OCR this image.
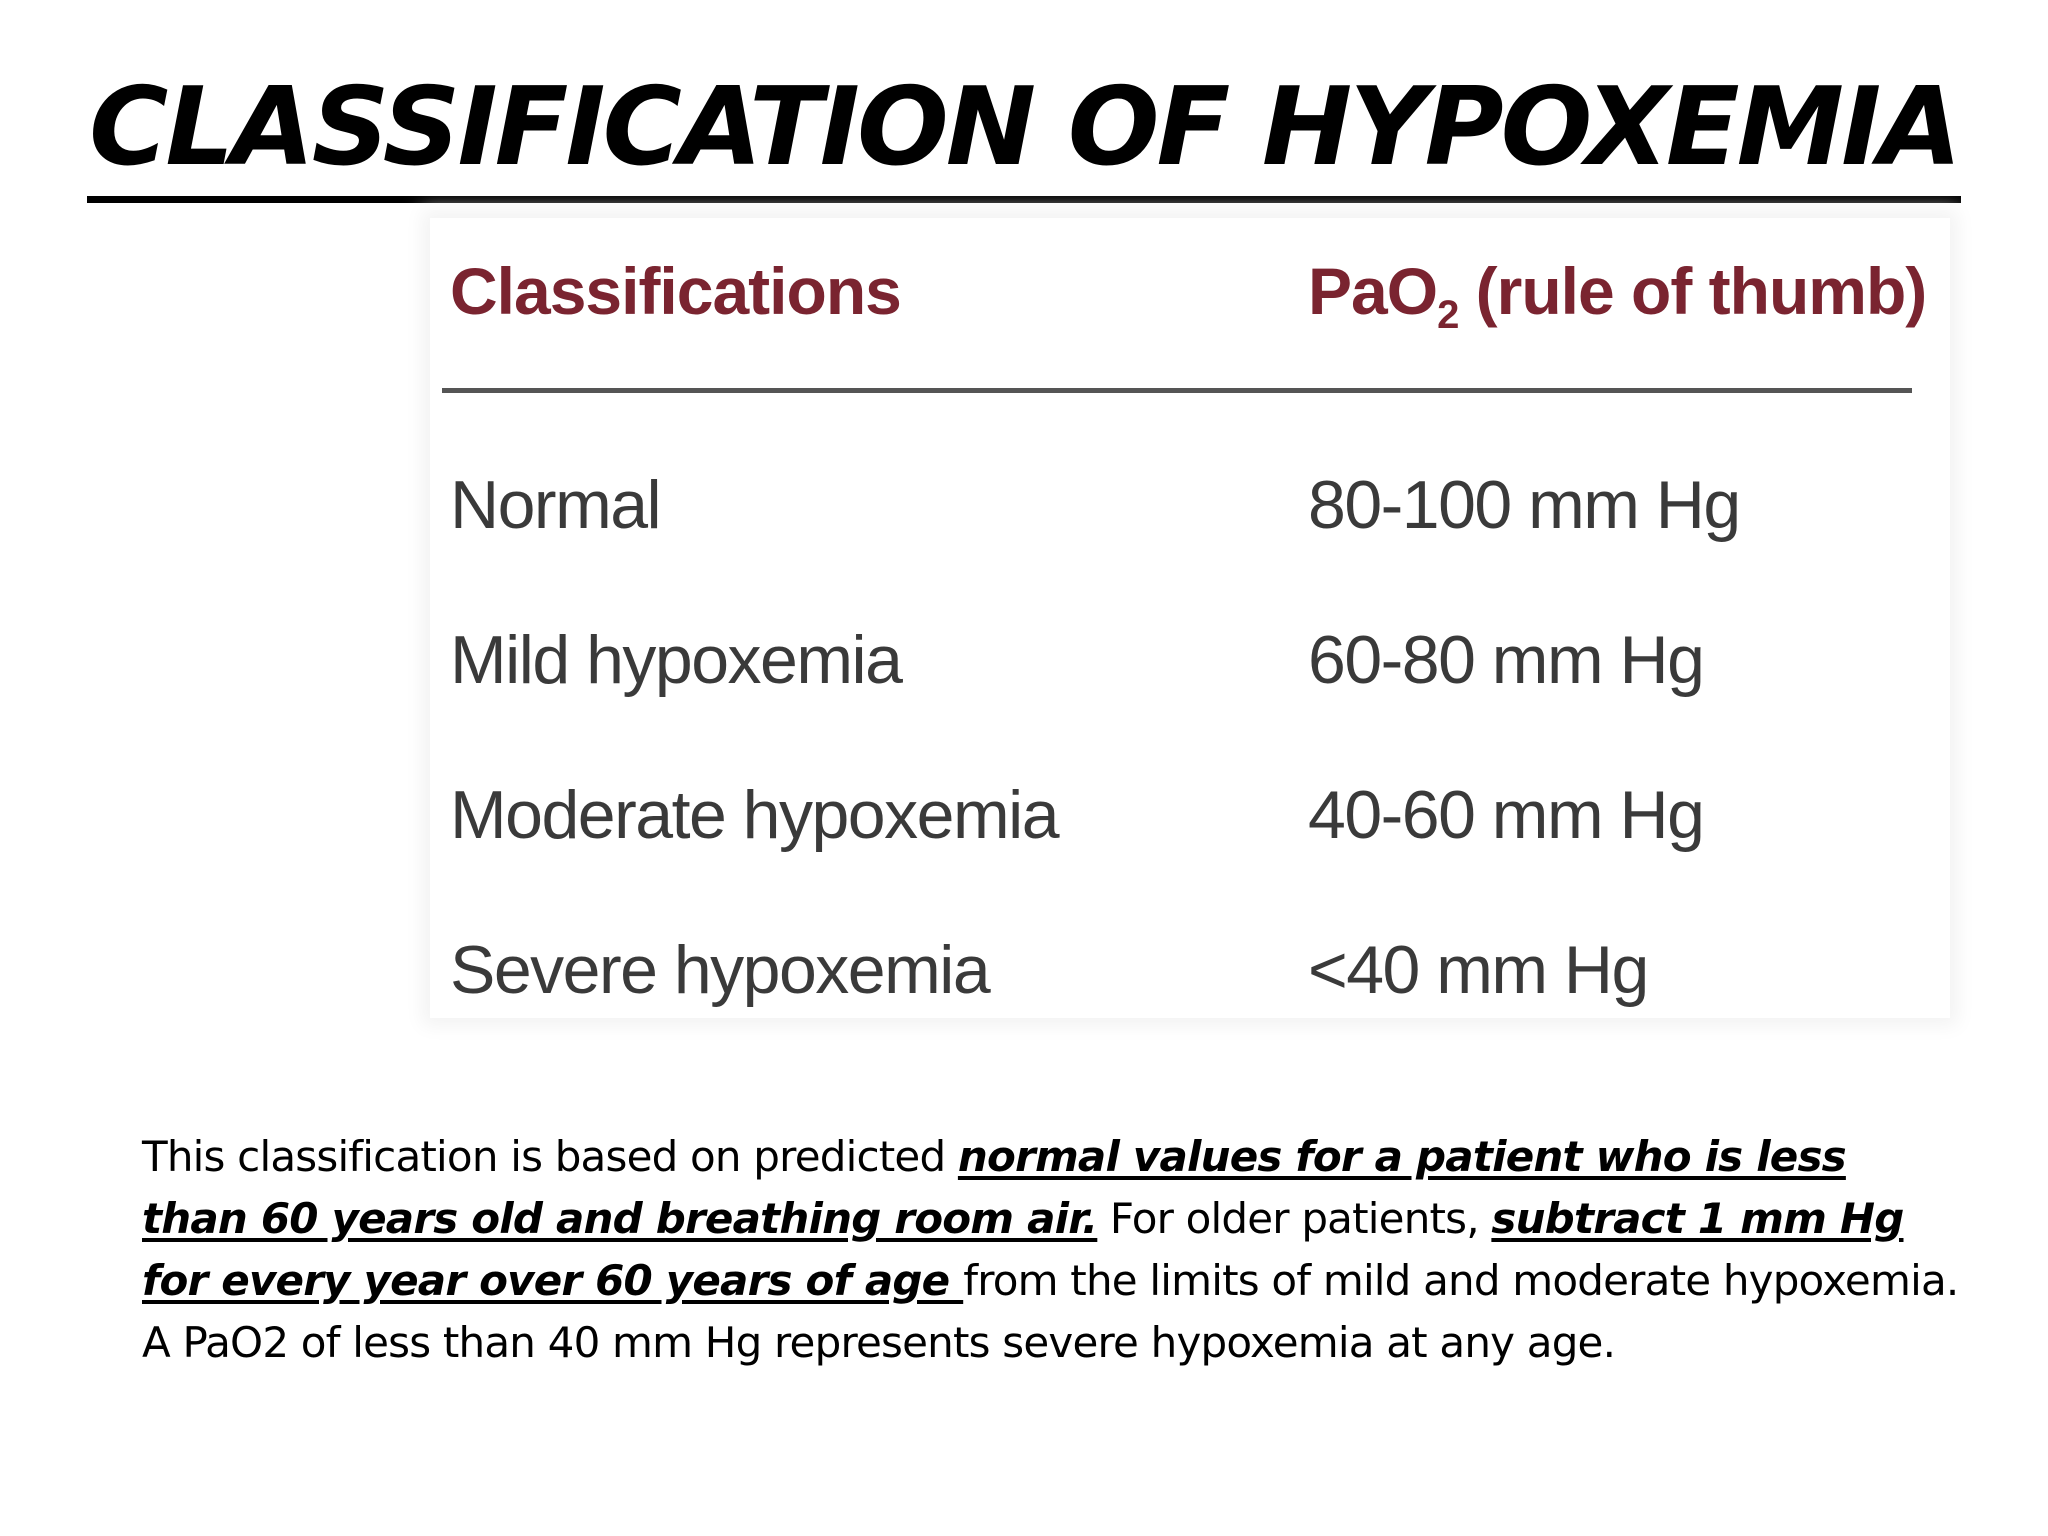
CLASSIFICATION OF HYPOXEMIA
Classifications	PaO$_2$ (rule of thumb)
Normal	80-100 mm Hg
Mild hypoxemia	60-80 mm Hg
Moderate hypoxemia	40-60 mm Hg
Severe hypoxemia	<40 mm Hg

This classification is based on predicted normal values for a patient who is less than 60 years old and breathing room air. For older patients, subtract 1 mm Hg for every year over 60 years of age from the limits of mild and moderate hypoxemia.

A PaO2 of less than 40 mm Hg represents severe hypoxemia at any age.
